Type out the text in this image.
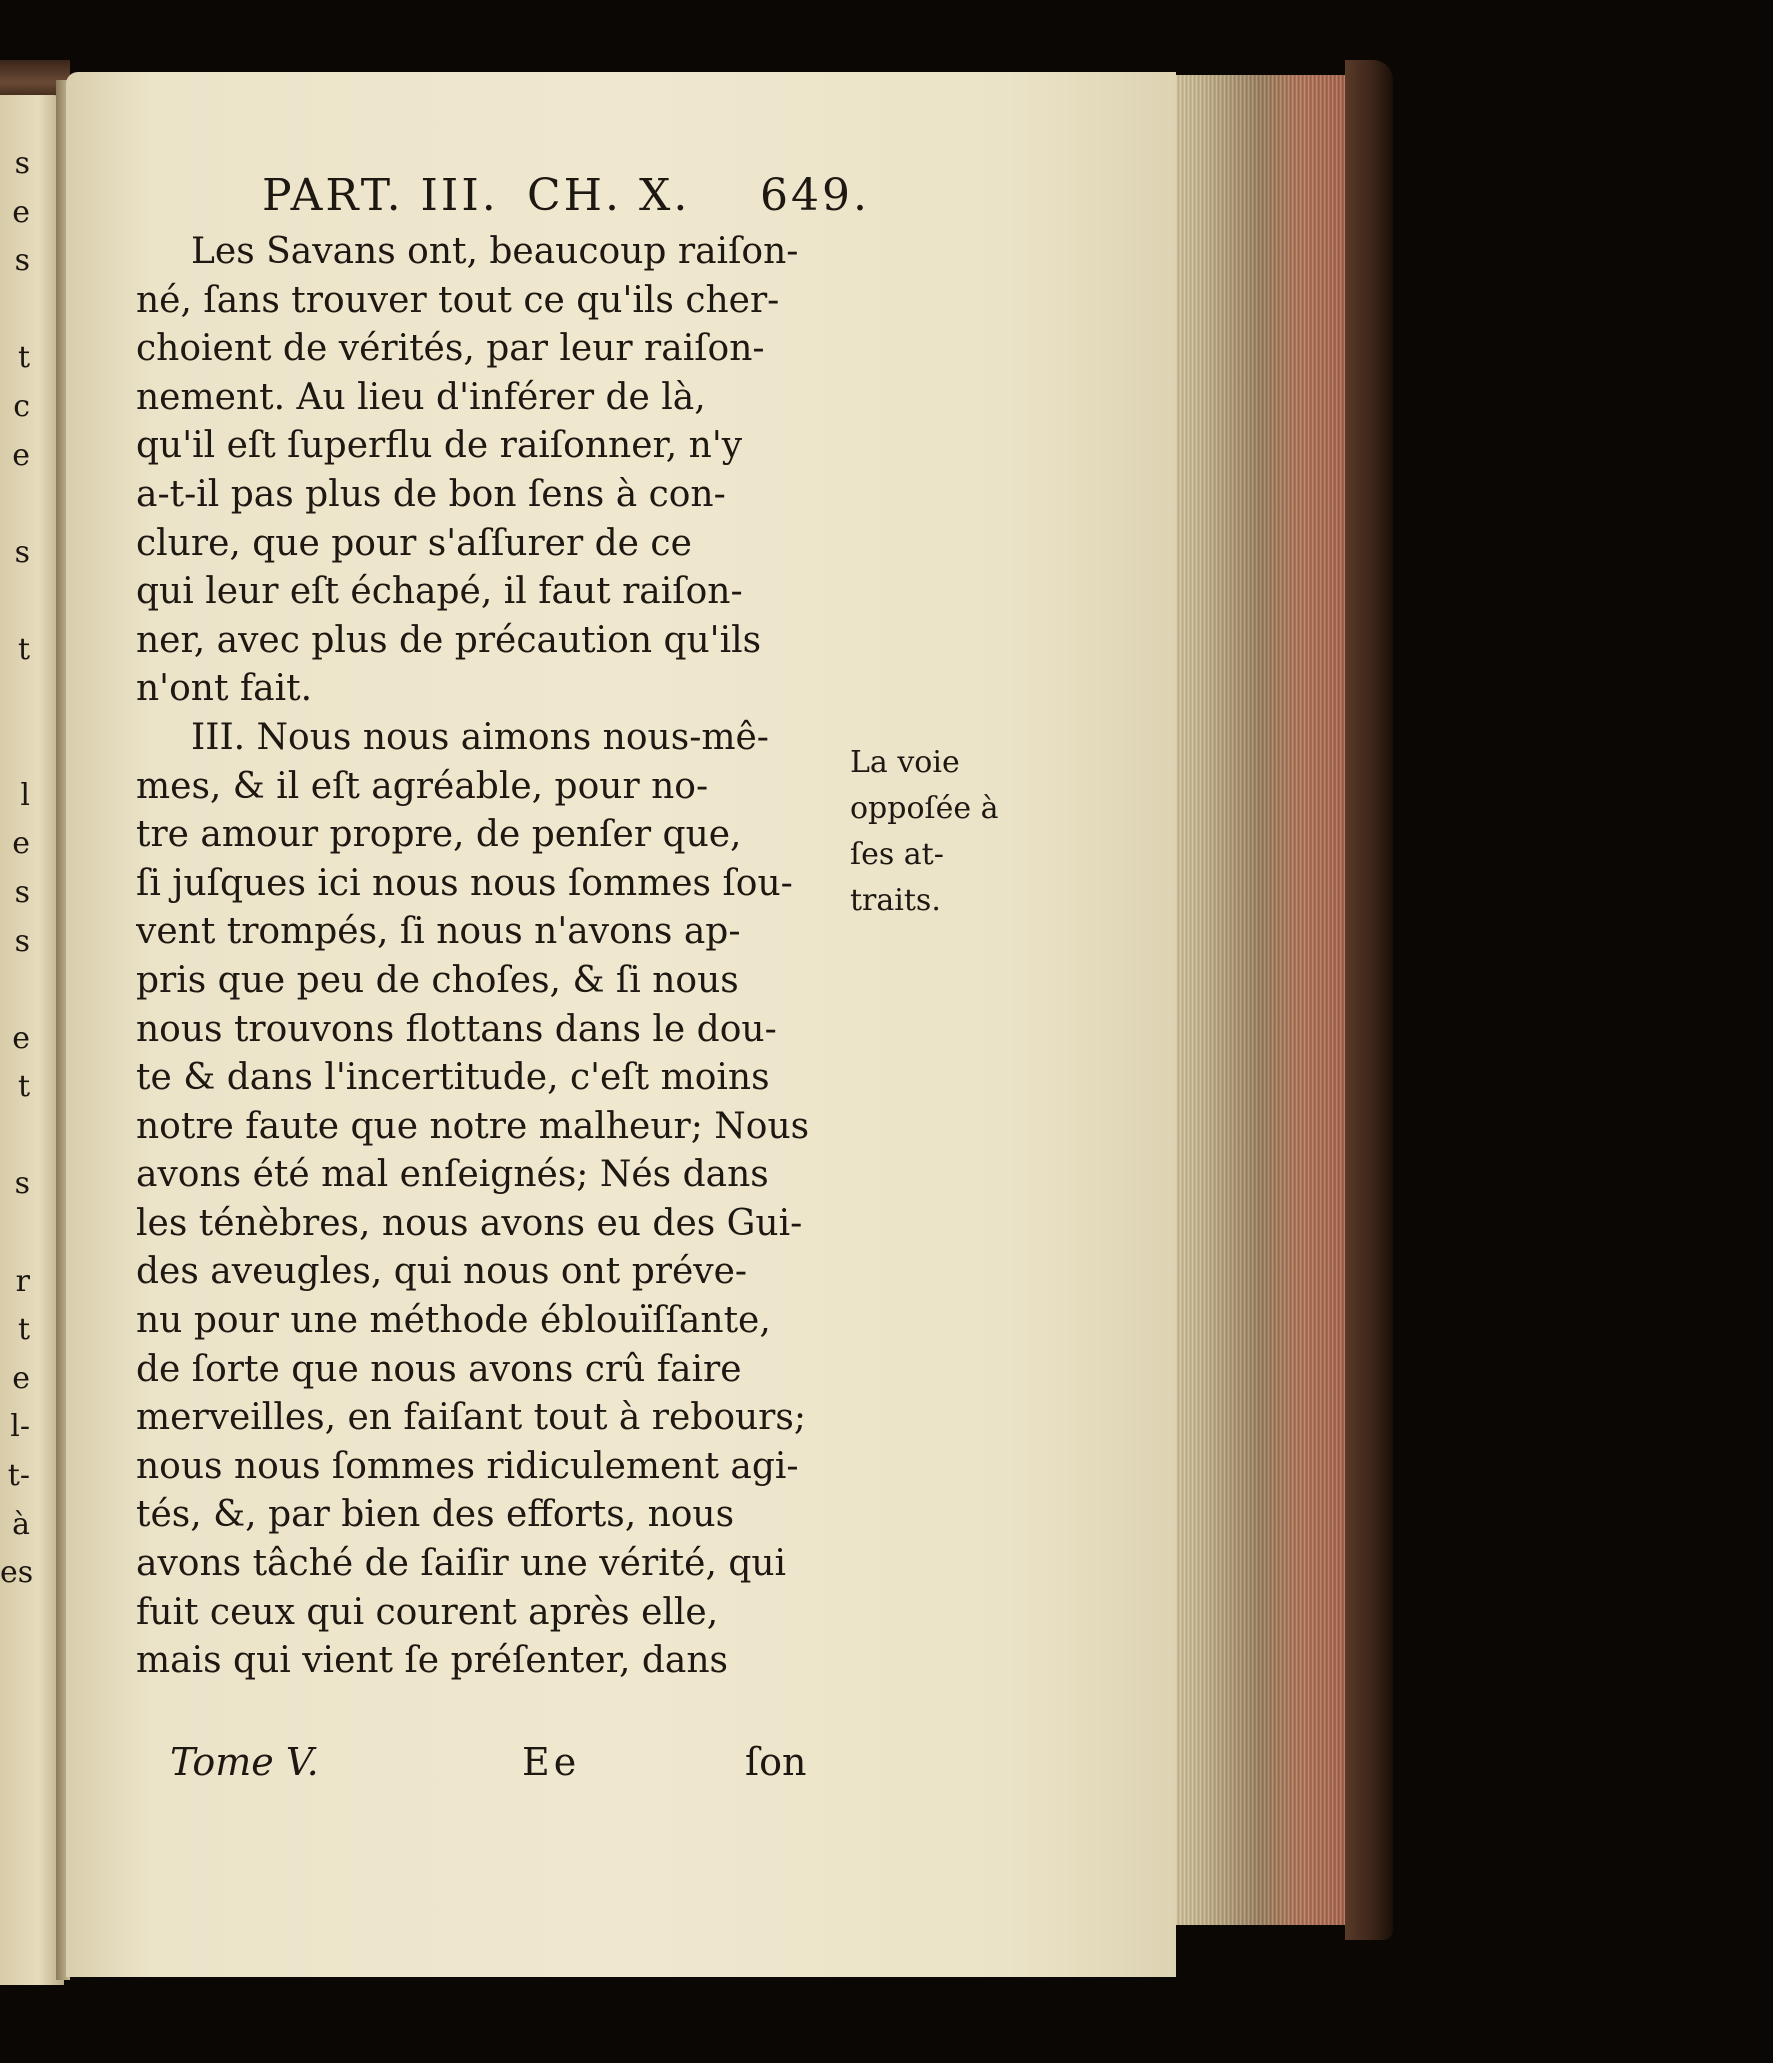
s
e
s
t
c
e
s
t
l
e
s
s
e
t
s
r
t
e
l-
t-
à
es

PART. III. CH. X. 649.
Les Savans ont, beaucoup raiſon-
né, ſans trouver tout ce qu'ils cher-
choient de vérités, par leur raiſon-
nement. Au lieu d'inférer de là,
qu'il eſt ſuperflu de raiſonner, n'y
a-t-il pas plus de bon ſens à con-
clure, que pour s'aſſurer de ce
qui leur eſt échapé, il faut raiſon-
ner, avec plus de précaution qu'ils
n'ont fait.
III. Nous nous aimons nous-mê-
mes, & il eſt agréable, pour no-
tre amour propre, de penſer que,
ſi juſques ici nous nous ſommes ſou-
vent trompés, ſi nous n'avons ap-
pris que peu de choſes, & ſi nous
nous trouvons flottans dans le dou-
te & dans l'incertitude, c'eſt moins
notre faute que notre malheur; Nous
avons été mal enſeignés; Nés dans
les ténèbres, nous avons eu des Gui-
des aveugles, qui nous ont préve-
nu pour une méthode éblouïſſante,
de ſorte que nous avons crû faire
merveilles, en faiſant tout à rebours;
nous nous ſommes ridiculement agi-
tés, &, par bien des efforts, nous
avons tâché de ſaiſir une vérité, qui
fuit ceux qui courent après elle,
mais qui vient ſe préſenter, dans
La voie
oppoſée à
ſes at-
traits.
Tome V.	Ee	ſon
